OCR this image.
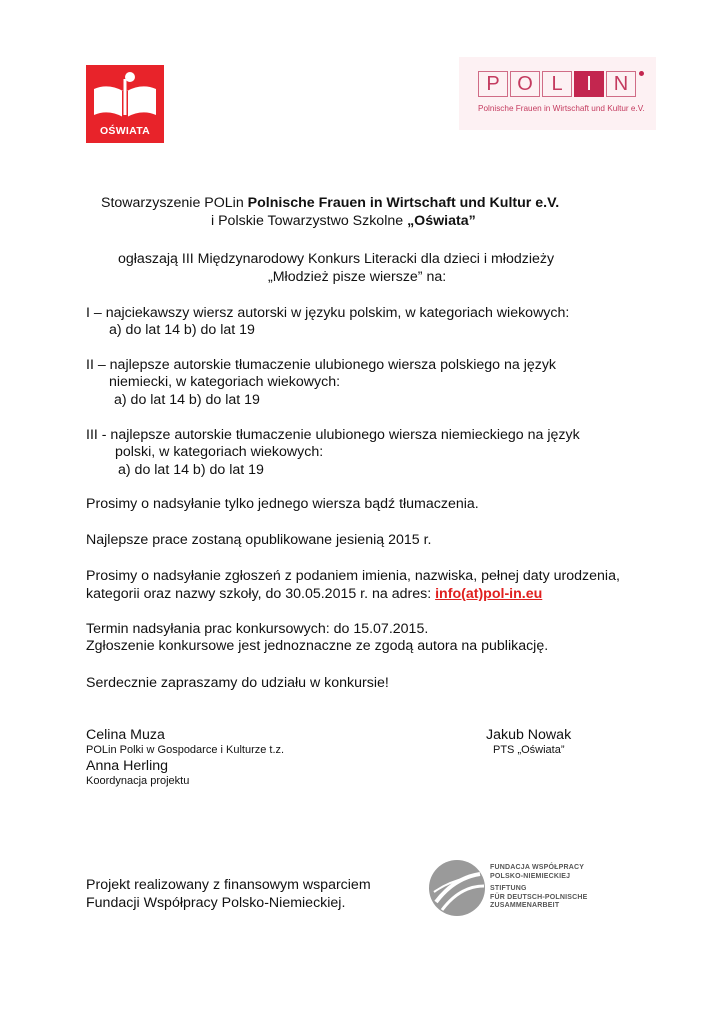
OŚWIATA
P O L	I	N
Polnische Frauen in Wirtschaft und Kultur e.V.
Stowarzyszenie POLin Polnische Frauen in Wirtschaft und Kultur e.V.
i Polskie Towarzystwo Szkolne „Oświata”
ogłaszają III Międzynarodowy Konkurs Literacki dla dzieci i młodzieży
„Młodzież pisze wiersze” na:
I – najciekawszy wiersz autorski w języku polskim, w kategoriach wiekowych:
a) do lat 14 b) do lat 19
II – najlepsze autorskie tłumaczenie ulubionego wiersza polskiego na język
niemiecki, w kategoriach wiekowych:
a) do lat 14 b) do lat 19
III - najlepsze autorskie tłumaczenie ulubionego wiersza niemieckiego na język
polski, w kategoriach wiekowych:
a) do lat 14 b) do lat 19
Prosimy o nadsyłanie tylko jednego wiersza bądź tłumaczenia.
Najlepsze prace zostaną opublikowane jesienią 2015 r.
Prosimy o nadsyłanie zgłoszeń z podaniem imienia, nazwiska, pełnej daty urodzenia,
kategorii oraz nazwy szkoły, do 30.05.2015 r. na adres: info(at)pol-in.eu
Termin nadsyłania prac konkursowych: do 15.07.2015.
Zgłoszenie konkursowe jest jednoznaczne ze zgodą autora na publikację.
Serdecznie zapraszamy do udziału w konkursie!
Celina Muza
POLin Polki w Gospodarce i Kulturze t.z.
Anna Herling
Koordynacja projektu
Jakub Nowak
PTS „Oświata”
Projekt realizowany z finansowym wsparciem
Fundacji Współpracy Polsko-Niemieckiej.
FUNDACJA WSPÓŁPRACY
POLSKO-NIEMIECKIEJ
STIFTUNG
FÜR DEUTSCH-POLNISCHE
ZUSAMMENARBEIT
